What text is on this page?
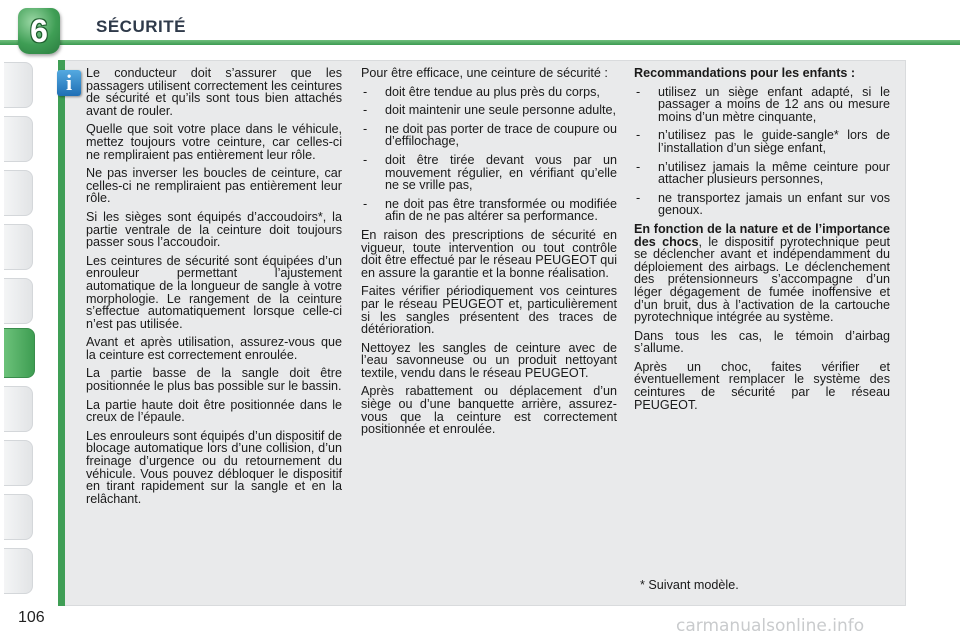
6	SÉCURITÉ
i Le conducteur doit s’assurer que les passagers utilisent correctement les ceintures de sécurité et qu’ils sont tous bien attachés avant de rouler.

Quelle que soit votre place dans le véhicule, mettez toujours votre ceinture, car celles-ci ne rempliraient pas entièrement leur rôle.

Ne pas inverser les boucles de ceinture, car celles-ci ne rempliraient pas entièrement leur rôle.

Si les sièges sont équipés d’accoudoirs*, la partie ventrale de la ceinture doit toujours passer sous l’accoudoir.

Les ceintures de sécurité sont équipées d’un enrouleur permettant l’ajustement automatique de la longueur de sangle à votre morphologie. Le rangement de la ceinture s’effectue automatiquement lorsque celle-ci n’est pas utilisée.

Avant et après utilisation, assurez-vous que la ceinture est correctement enroulée.

La partie basse de la sangle doit être positionnée le plus bas possible sur le bassin.

La partie haute doit être positionnée dans le creux de l’épaule.

Les enrouleurs sont équipés d’un dispositif de blocage automatique lors d’une collision, d’un freinage d’urgence ou du retournement du véhicule. Vous pouvez débloquer le dispositif en tirant rapidement sur la sangle et en la relâchant.

Pour être efficace, une ceinture de sécurité :

- doit être tendue au plus près du corps,
- doit maintenir une seule personne adulte,
- ne doit pas porter de trace de coupure ou d’effilochage,
- doit être tirée devant vous par un mouvement régulier, en vérifiant qu’elle ne se vrille pas,
- ne doit pas être transformée ou modifiée afin de ne pas altérer sa performance.

En raison des prescriptions de sécurité en vigueur, toute intervention ou tout contrôle doit être effectué par le réseau PEUGEOT qui en assure la garantie et la bonne réalisation.

Faites vérifier périodiquement vos ceintures par le réseau PEUGEOT et, particulièrement si les sangles présentent des traces de détérioration.

Nettoyez les sangles de ceinture avec de l’eau savonneuse ou un produit nettoyant textile, vendu dans le réseau PEUGEOT.

Après rabattement ou déplacement d’un siège ou d’une banquette arrière, assurez-vous que la ceinture est correctement positionnée et enroulée.

Recommandations pour les enfants :

- utilisez un siège enfant adapté, si le passager a moins de 12 ans ou mesure moins d’un mètre cinquante,
- n’utilisez pas le guide-sangle* lors de l’installation d’un siège enfant,
- n’utilisez jamais la même ceinture pour attacher plusieurs personnes,
- ne transportez jamais un enfant sur vos genoux.

En fonction de la nature et de l’importance des chocs, le dispositif pyrotechnique peut se déclencher avant et indépendamment du déploiement des airbags. Le déclenchement des prétensionneurs s’accompagne d’un léger dégagement de fumée inoffensive et d’un bruit, dus à l’activation de la cartouche pyrotechnique intégrée au système.

Dans tous les cas, le témoin d’airbag s’allume.

Après un choc, faites vérifier et éventuellement remplacer le système des ceintures de sécurité par le réseau PEUGEOT.

* Suivant modèle.
106	carmanualsonline.info
